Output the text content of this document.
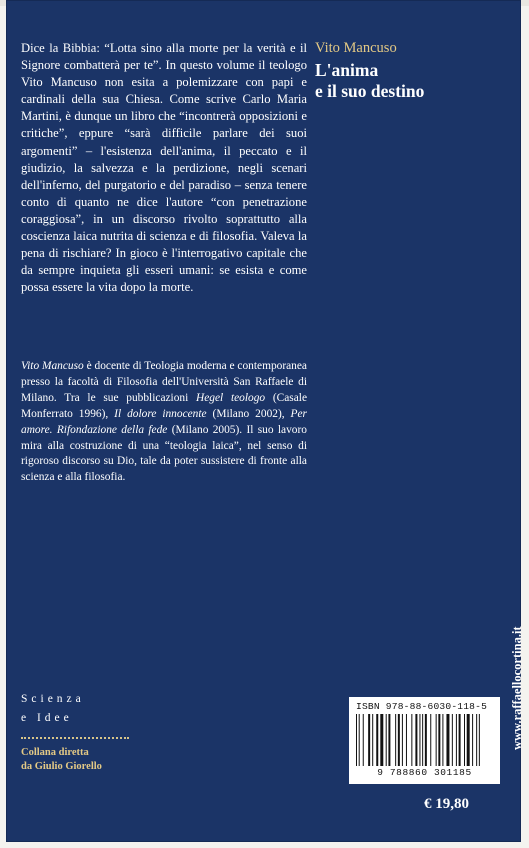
Dice la Bibbia: “Lotta sino alla morte per la verità e il Signore combatterà per te”. In questo volume il teologo Vito Mancuso non esita a polemizzare con papi e cardinali della sua Chiesa. Come scrive Carlo Maria Martini, è dunque un libro che “incontrerà opposizioni e critiche”, eppure “sarà difficile parlare dei suoi argomenti” – l'esistenza dell'anima, il peccato e il giudizio, la salvezza e la perdizione, negli scenari dell'inferno, del purgatorio e del paradiso – senza tenere conto di quanto ne dice l'autore “con penetrazione coraggiosa”, in un discorso rivolto soprattutto alla coscienza laica nutrita di scienza e di filosofia. Valeva la pena di rischiare? In gioco è l'interrogativo capitale che da sempre inquieta gli esseri umani: se esista e come possa essere la vita dopo la morte.

Vito Mancuso è docente di Teologia moderna e contemporanea presso la facoltà di Filosofia dell'Università San Raffaele di Milano. Tra le sue pubblicazioni Hegel teologo (Casale Monferrato 1996), Il dolore innocente (Milano 2002), Per amore. Rifondazione della fede (Milano 2005). Il suo lavoro mira alla costruzione di una “teologia laica”, nel senso di rigoroso discorso su Dio, tale da poter sussistere di fronte alla scienza e alla filosofia.

Vito Mancuso
L'anima
e il suo destino
Scienza
e Idee
Collana diretta
da Giulio Giorello
www.raffaellocortina.it
ISBN 978-88-6030-118-5
9 788860 301185
€ 19,80
